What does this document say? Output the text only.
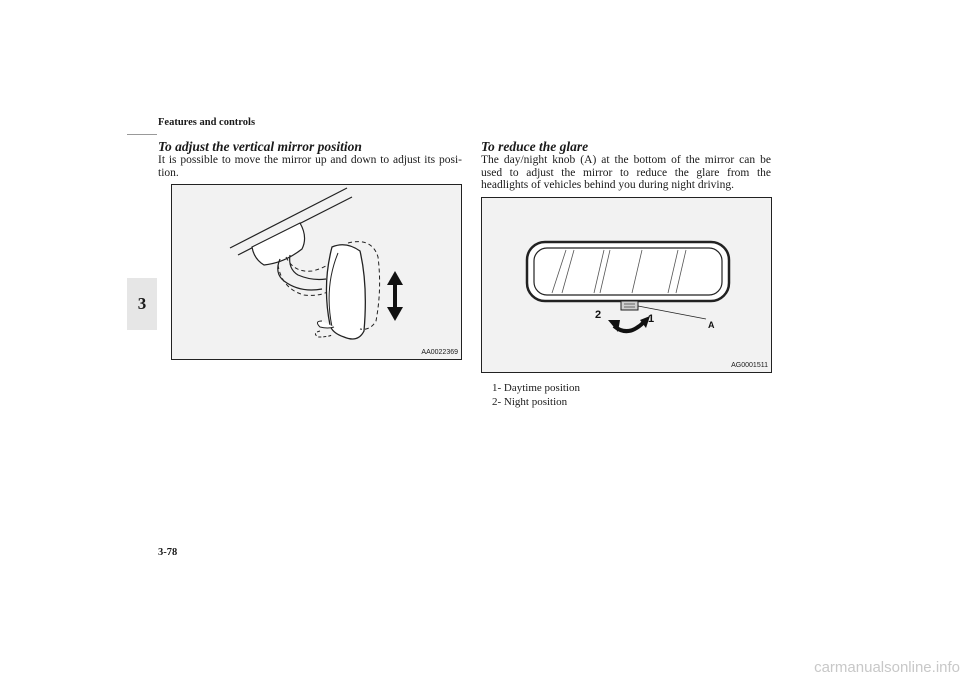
Features and controls
3
To adjust the vertical mirror position
It is possible to move the mirror up and down to adjust its posi- tion.
AA0022369
To reduce the glare
The day/night knob (A) at the bottom of the mirror can be used to adjust the mirror to reduce the glare from the headlights of vehicles behind you during night driving.
2	1	A
AG0001511
1- Daytime position
2- Night position
3-78
carmanualsonline.info
